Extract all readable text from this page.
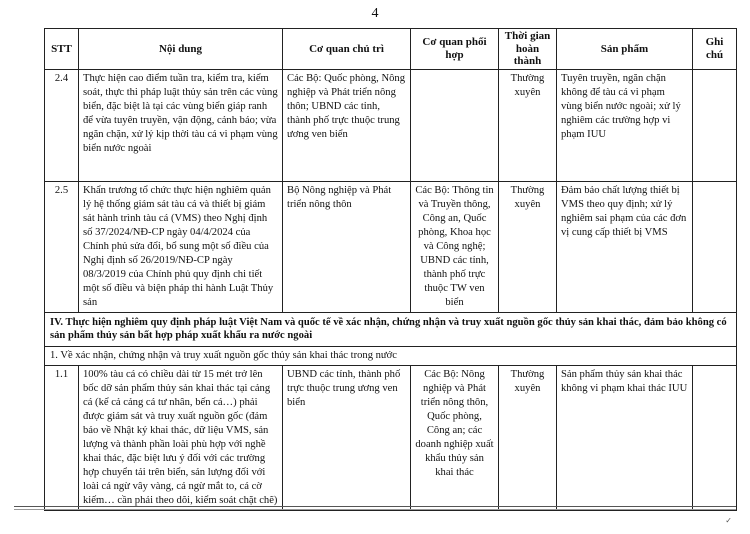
4
STT	Nội dung	Cơ quan chủ trì	Cơ quan phối hợp	Thời gian hoàn thành	Sản phẩm	Ghi chú
2.4	Thực hiện cao điểm tuần tra, kiểm tra, kiểm soát, thực thi pháp luật thủy sản trên các vùng biển, đặc biệt là tại các vùng biển giáp ranh để vừa tuyên truyền, vận động, cảnh báo; vừa ngăn chặn, xử lý kịp thời tàu cá vi phạm vùng biển nước ngoài	Các Bộ: Quốc phòng, Nông nghiệp và Phát triển nông thôn; UBND các tỉnh, thành phố trực thuộc trung ương ven biển		Thường xuyên	Tuyên truyền, ngăn chặn không để tàu cá vi phạm vùng biển nước ngoài; xử lý nghiêm các trường hợp vi phạm IUU	
2.5	Khẩn trương tổ chức thực hiện nghiêm quản lý hệ thống giám sát tàu cá và thiết bị giám sát hành trình tàu cá (VMS) theo Nghị định số 37/2024/NĐ-CP ngày 04/4/2024 của Chính phủ sửa đổi, bổ sung một số điều của Nghị định số 26/2019/NĐ-CP ngày 08/3/2019 của Chính phủ quy định chi tiết một số điều và biện pháp thi hành Luật Thủy sản	Bộ Nông nghiệp và Phát triển nông thôn	Các Bộ: Thông tin và Truyền thông, Công an, Quốc phòng, Khoa học và Công nghệ; UBND các tỉnh, thành phố trực thuộc TW ven biển	Thường xuyên	Đảm bảo chất lượng thiết bị VMS theo quy định; xử lý nghiêm sai phạm của các đơn vị cung cấp thiết bị VMS	
IV. Thực hiện nghiêm quy định pháp luật Việt Nam và quốc tế về xác nhận, chứng nhận và truy xuất nguồn gốc thủy sản khai thác, đảm bảo không có sản phẩm thủy sản bất hợp pháp xuất khẩu ra nước ngoài						
1. Về xác nhận, chứng nhận và truy xuất nguồn gốc thủy sản khai thác trong nước						
1.1	100% tàu cá có chiều dài từ 15 mét trở lên bốc dỡ sản phẩm thủy sản khai thác tại cảng cá (kể cả cảng cá tư nhân, bến cá…) phải được giám sát và truy xuất nguồn gốc (đảm bảo về Nhật ký khai thác, dữ liệu VMS, sản lượng và thành phần loài phù hợp với nghề khai thác, đặc biệt lưu ý đối với các trường hợp chuyển tải trên biển, sản lượng đối với loài cá ngừ vây vàng, cá ngừ mắt to, cá cờ kiếm… cần phải theo dõi, kiểm soát chặt chẽ)	UBND các tỉnh, thành phố trực thuộc trung ương ven biển	Các Bộ: Nông nghiệp và Phát triển nông thôn, Quốc phòng, Công an; các doanh nghiệp xuất khẩu thủy sản khai thác	Thường xuyên	Sản phẩm thủy sản khai thác không vi phạm khai thác IUU	
✓
